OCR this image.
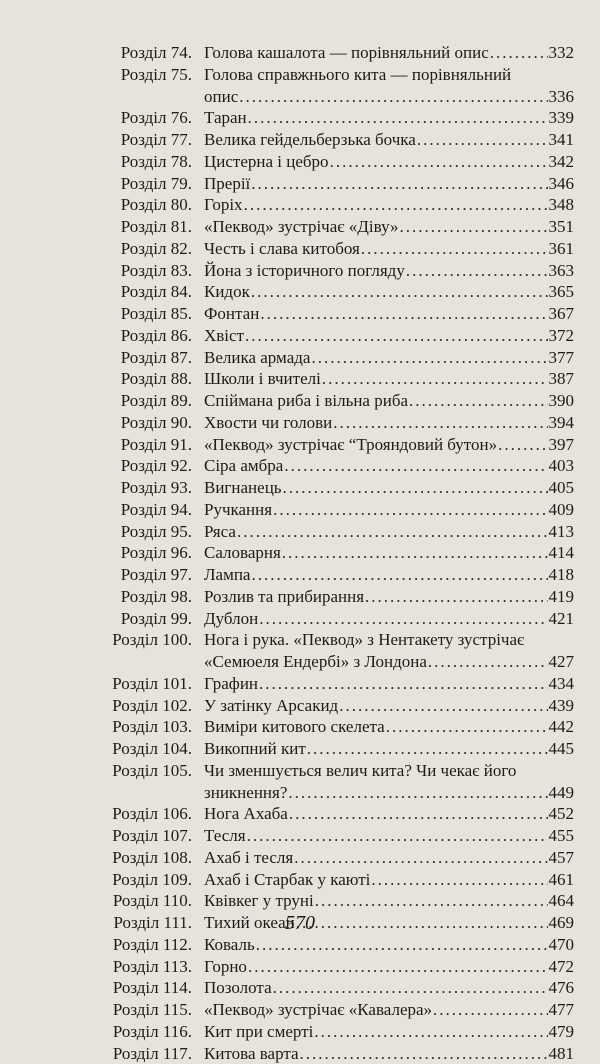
Розділ 74. Голова кашалота — порівняльний опис .....	332
Розділ 75. Голова справжнього кита — порівняльний
опис .....	336
Розділ 76. Таран .....	339
Розділ 77. Велика гейдельберзька бочка .....	341
Розділ 78. Цистерна і цебро .....	342
Розділ 79. Прерії .....	346
Розділ 80. Горіх .....	348
Розділ 81. «Пеквод» зустрічає «Діву» .....	351
Розділ 82. Честь і слава китобоя .....	361
Розділ 83. Йона з історичного погляду .....	363
Розділ 84. Кидок .....	365
Розділ 85. Фонтан .....	367
Розділ 86. Хвіст .....	372
Розділ 87. Велика армада .....	377
Розділ 88. Школи і вчителі .....	387
Розділ 89. Спіймана риба і вільна риба .....	390
Розділ 90. Хвости чи голови .....	394
Розділ 91. «Пеквод» зустрічає “Трояндовий бутон» .....	397
Розділ 92. Сіра амбра .....	403
Розділ 93. Вигнанець .....	405
Розділ 94. Ручкання .....	409
Розділ 95. Ряса .....	413
Розділ 96. Саловарня .....	414
Розділ 97. Лампа .....	418
Розділ 98. Розлив та прибирання .....	419
Розділ 99. Дублон .....	421
Розділ 100. Нога і рука. «Пеквод» з Нентакету зустрічає
«Семюеля Ендербі» з Лондона .....	427
Розділ 101. Графин .....	434
Розділ 102. У затінку Арсакид .....	439
Розділ 103. Виміри китового скелета .....	442
Розділ 104. Викопний кит .....	445
Розділ 105. Чи зменшується велич кита? Чи чекає його
зникнення? .....	449
Розділ 106. Нога Ахаба .....	452
Розділ 107. Тесля .....	455
Розділ 108. Ахаб і тесля .....	457
Розділ 109. Ахаб і Старбак у каюті .....	461
Розділ 110. Квівкег у труні .....	464
Розділ 111. Тихий океан .....	469
Розділ 112. Коваль .....	470
Розділ 113. Горно .....	472
Розділ 114. Позолота .....	476
Розділ 115. «Пеквод» зустрічає «Кавалера» .....	477
Розділ 116. Кит при смерті .....	479
Розділ 117. Китова варта .....	481
570
